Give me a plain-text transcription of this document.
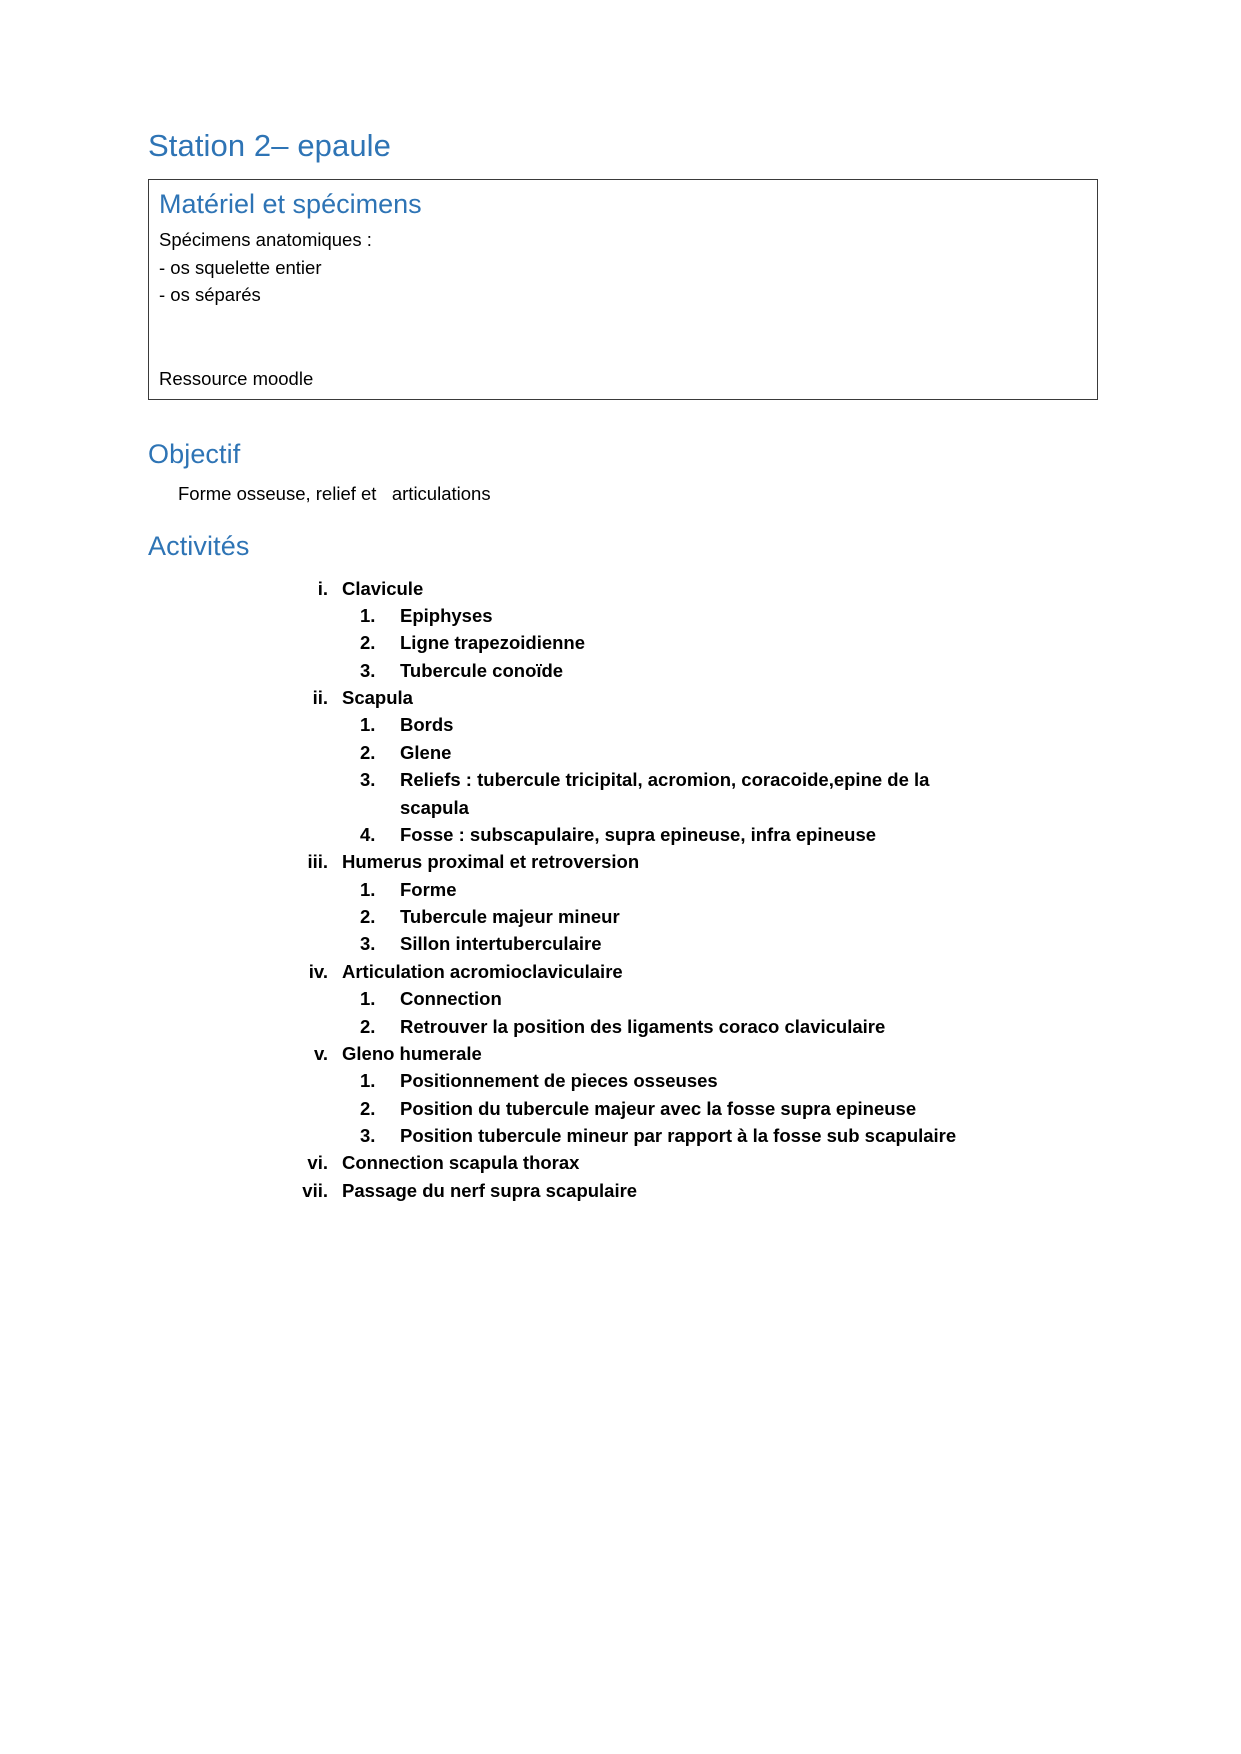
Station 2– epaule
Matériel et spécimens

Spécimens anatomiques :

- os squelette entier

- os séparés

Ressource moodle

Objectif
Forme osseuse, relief et   articulations
Activités
i. Clavicule
1.	Epiphyses
2.	Ligne trapezoidienne
3.	Tubercule conoïde
ii. Scapula
1.	Bords
2.	Glene
3.	Reliefs : tubercule tricipital, acromion, coracoide,epine de la scapula
4.	Fosse : subscapulaire, supra epineuse, infra epineuse
iii. Humerus proximal et retroversion
1.	Forme
2.	Tubercule majeur mineur
3.	Sillon intertuberculaire
iv. Articulation acromioclaviculaire
1.	Connection
2.	Retrouver la position des ligaments coraco claviculaire
v. Gleno humerale
1.	Positionnement de pieces osseuses
2.	Position du tubercule majeur avec la fosse supra epineuse
3.	Position tubercule mineur par rapport à la fosse sub scapulaire
vi. Connection scapula thorax
vii. Passage du nerf supra scapulaire
